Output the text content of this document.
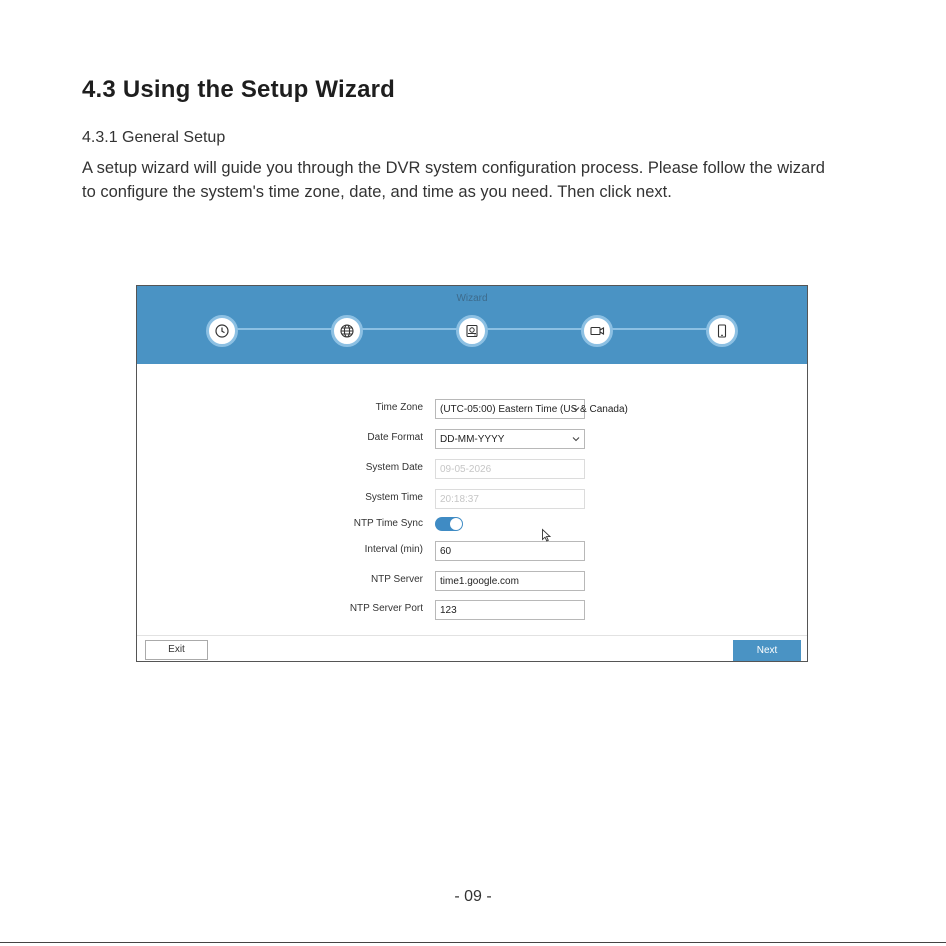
4.3 Using the Setup Wizard
4.3.1 General Setup
A setup wizard will guide you through the DVR system configuration process. Please follow the wizard to configure the system's time zone, date, and time as you need. Then click next.
Wizard
Time Zone (UTC-05:00) Eastern Time (US & Canada)
Date Format DD-MM-YYYY
System Date	09-05-2026
System Time	20:18:37
NTP Time Sync
Interval (min)	60
NTP Server	time1.google.com
NTP Server Port	123
Exit	Next
- 09 -
